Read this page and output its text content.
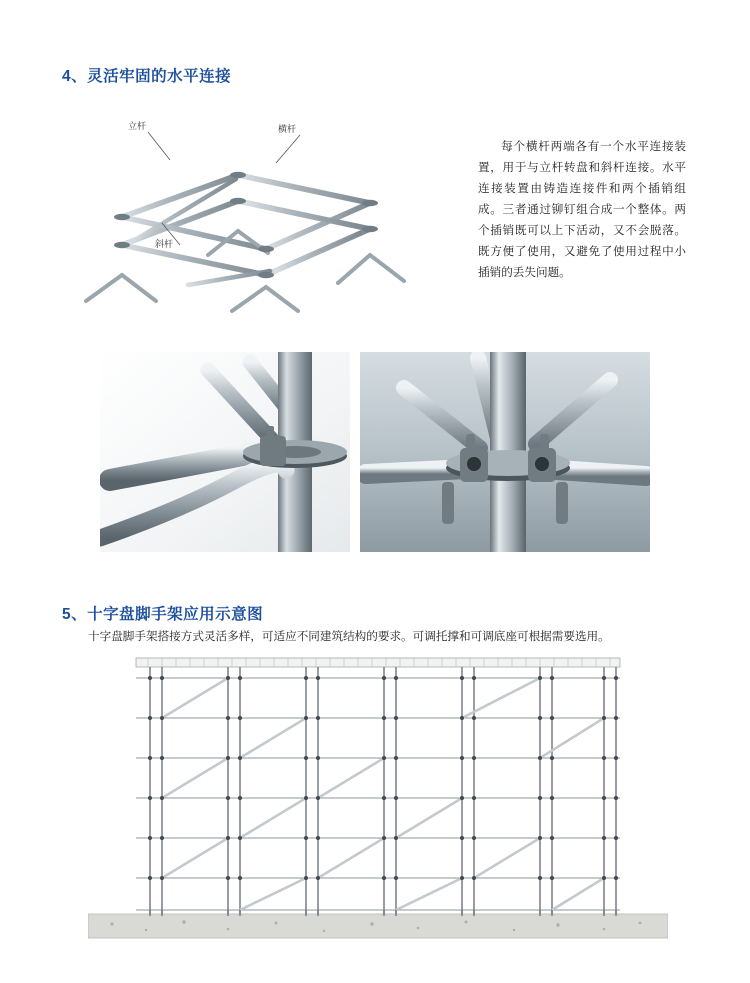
4、灵活牢固的水平连接
立杆	横杆
斜杆
每个横杆两端各有一个水平连接装置，用于与立杆转盘和斜杆连接。水平连接装置由铸造连接件和两个插销组成。三者通过铆钉组合成一个整体。两个插销既可以上下活动，又不会脱落。既方便了使用，又避免了使用过程中小插销的丢失问题。
5、十字盘脚手架应用示意图
十字盘脚手架搭接方式灵活多样，可适应不同建筑结构的要求。可调托撑和可调底座可根据需要选用。
